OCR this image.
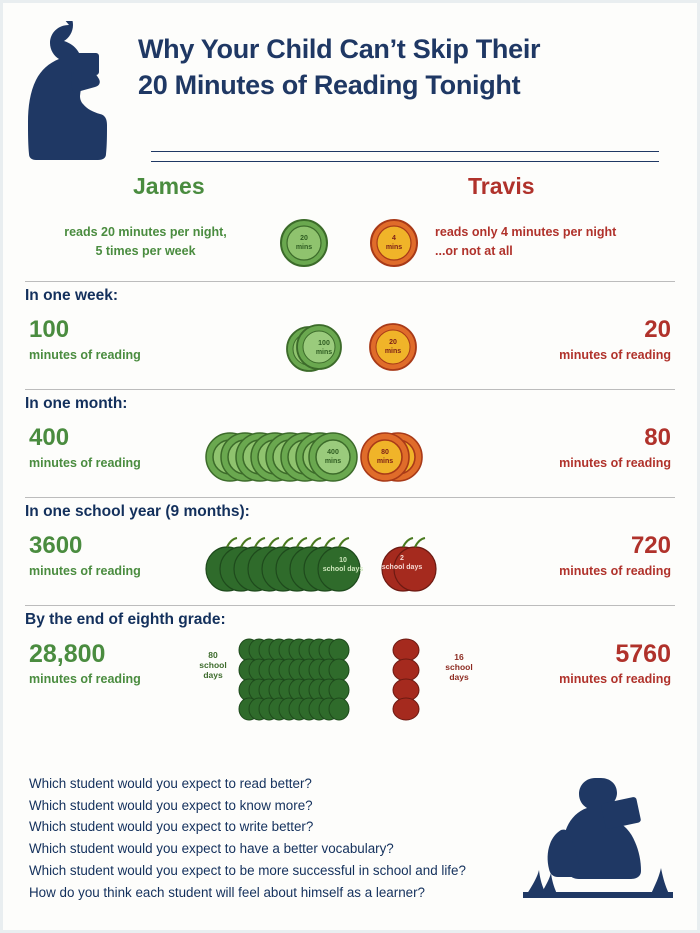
Why Your Child Can’t Skip Their
20 Minutes of Reading Tonight
James	Travis
reads 20 minutes per night,
5 times per week
20
mins
4
mins
reads only 4 minutes per night
...or not at all
In one week:
100
minutes of reading
100
mins
20
mins
20
minutes of reading
In one month:
400
minutes of reading
400
mins
80
mins
80
minutes of reading
In one school year (9 months):
3600
minutes of reading
10
school days
2
school days
720
minutes of reading
By the end of eighth grade:
28,800
minutes of reading
80
school days
16
school days
5760
minutes of reading
Which student would you expect to read better?
Which student would you expect to know more?
Which student would you expect to write better?
Which student would you expect to have a better vocabulary?
Which student would you expect to be more successful in school and life?
How do you think each student will feel about himself as a learner?
